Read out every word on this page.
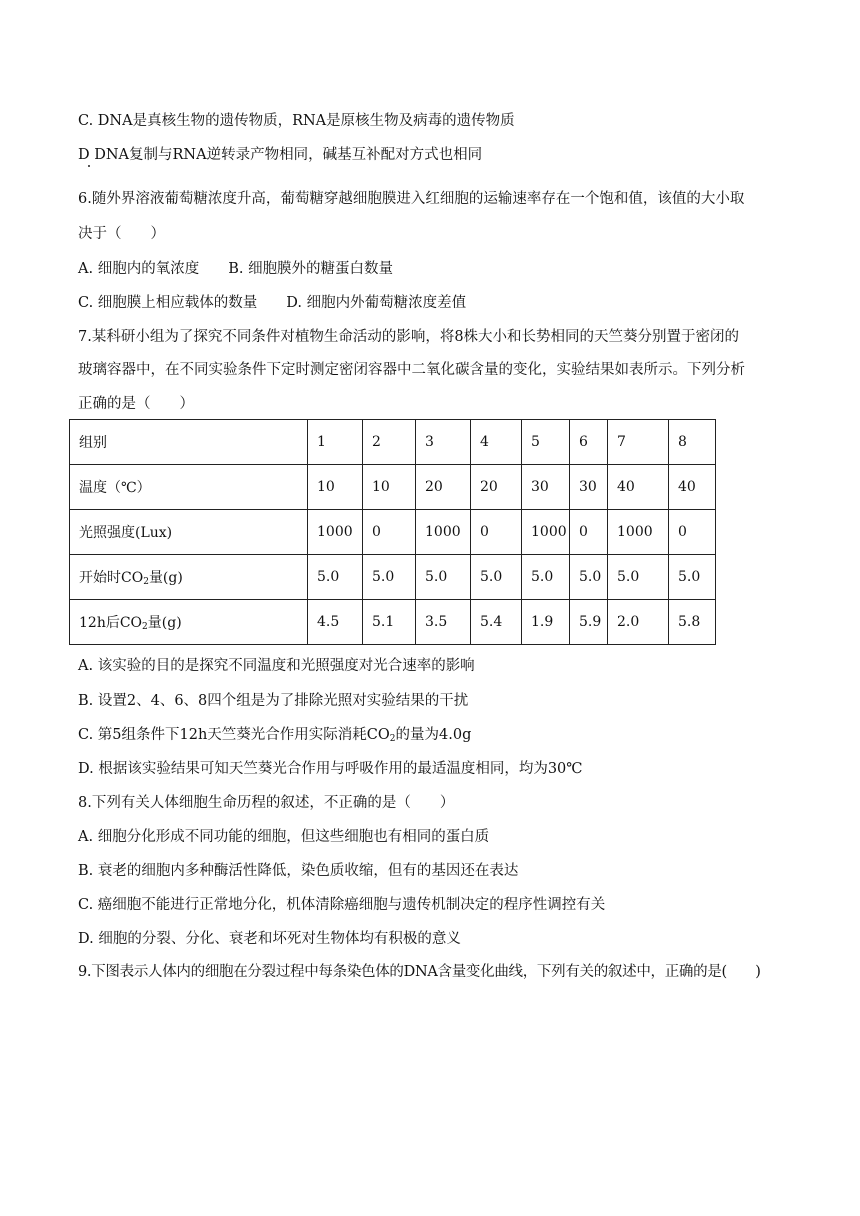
C. DNA是真核生物的遗传物质，RNA是原核生物及病毒的遗传物质
D DNA复制与RNA逆转录产物相同，碱基互补配对方式也相同
6.随外界溶液葡萄糖浓度升高，葡萄糖穿越细胞膜进入红细胞的运输速率存在一个饱和值，该值的大小取
决于（　　）
A. 细胞内的氧浓度　　B. 细胞膜外的糖蛋白数量
C. 细胞膜上相应载体的数量　　D. 细胞内外葡萄糖浓度差值
7.某科研小组为了探究不同条件对植物生命活动的影响，将8株大小和长势相同的天竺葵分别置于密闭的
玻璃容器中，在不同实验条件下定时测定密闭容器中二氧化碳含量的变化，实验结果如表所示。下列分析
正确的是（　　）
组别	1	2	3	4	5	6	7	8
温度（℃）	10	10	20	20	30	30	40	40
光照强度(Lux)	1000	0	1000	0	1000	0	1000	0
开始时$CO_2$量(g)	5.0	5.0	5.0	5.0	5.0	5.0	5.0	5.0
12h后$CO_2$量(g)	4.5	5.1	3.5	5.4	1.9	5.9	2.0	5.8
A. 该实验的目的是探究不同温度和光照强度对光合速率的影响
B. 设置2、4、6、8四个组是为了排除光照对实验结果的干扰
C. 第5组条件下12h天竺葵光合作用实际消耗$CO_2$的量为4.0g
D. 根据该实验结果可知天竺葵光合作用与呼吸作用的最适温度相同，均为30℃
8.下列有关人体细胞生命历程的叙述，不正确的是（　　）
A. 细胞分化形成不同功能的细胞，但这些细胞也有相同的蛋白质
B. 衰老的细胞内多种酶活性降低，染色质收缩，但有的基因还在表达
C. 癌细胞不能进行正常地分化，机体清除癌细胞与遗传机制决定的程序性调控有关
D. 细胞的分裂、分化、衰老和坏死对生物体均有积极的意义
9.下图表示人体内的细胞在分裂过程中每条染色体的DNA含量变化曲线，下列有关的叙述中，正确的是(　　)
